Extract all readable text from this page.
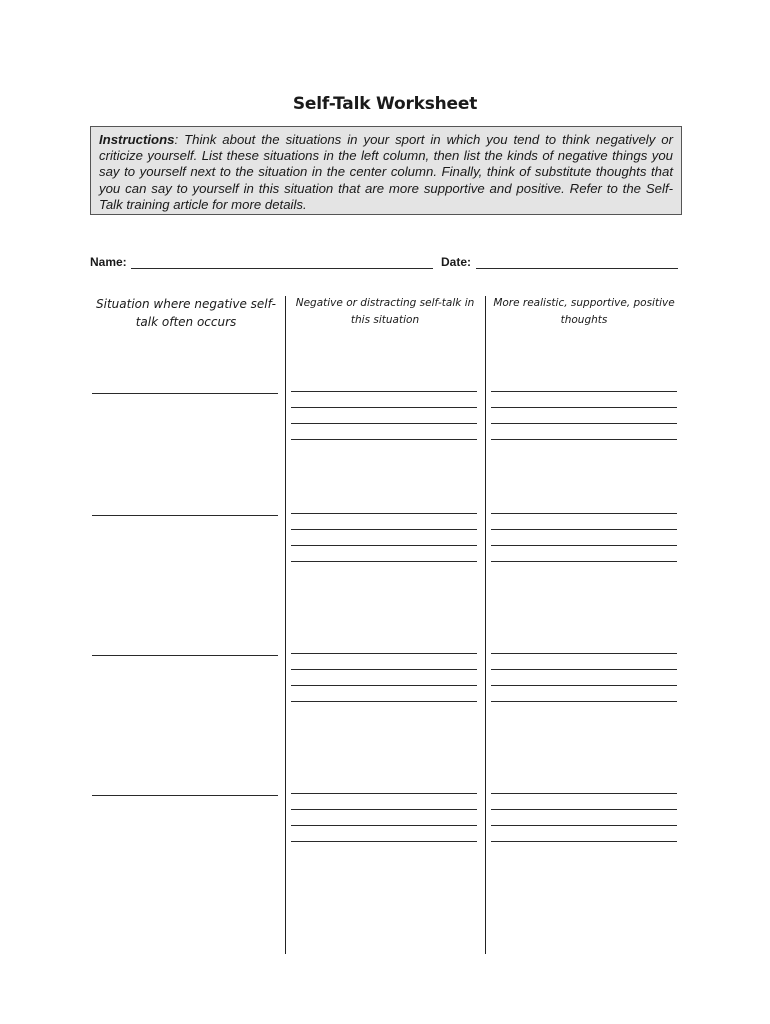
Self-Talk Worksheet
Instructions: Think about the situations in your sport in which you tend to think negatively or criticize yourself. List these situations in the left column, then list the kinds of negative things you say to yourself next to the situation in the center column. Finally, think of substitute thoughts that you can say to yourself in this situation that are more supportive and positive. Refer to the Self-Talk training article for more details.
Name:	Date:
Situation where negative self-talk often occurs
Negative or distracting self-talk in this situation
More realistic, supportive, positive thoughts
